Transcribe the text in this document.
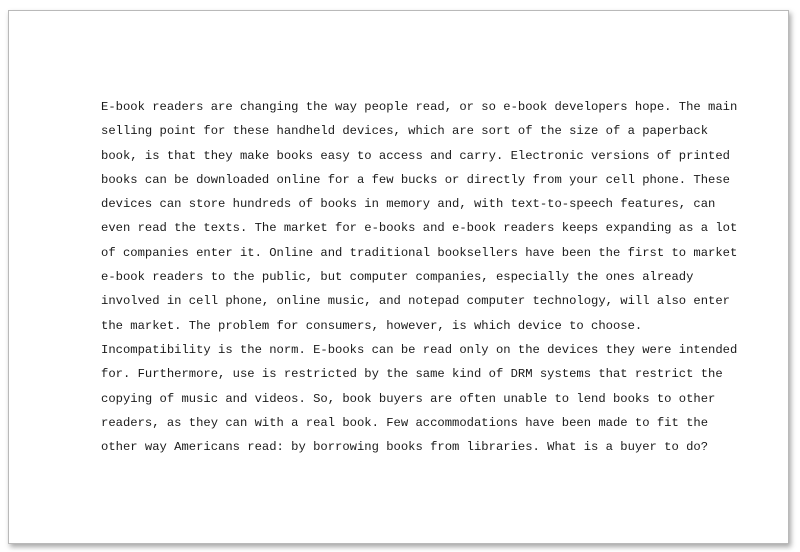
E-book readers are changing the way people read, or so e-book developers hope. The main
selling point for these handheld devices, which are sort of the size of a paperback
book, is that they make books easy to access and carry. Electronic versions of printed
books can be downloaded online for a few bucks or directly from your cell phone. These
devices can store hundreds of books in memory and, with text-to-speech features, can
even read the texts. The market for e-books and e-book readers keeps expanding as a lot
of companies enter it. Online and traditional booksellers have been the first to market
e-book readers to the public, but computer companies, especially the ones already
involved in cell phone, online music, and notepad computer technology, will also enter
the market. The problem for consumers, however, is which device to choose.
Incompatibility is the norm. E-books can be read only on the devices they were intended
for. Furthermore, use is restricted by the same kind of DRM systems that restrict the
copying of music and videos. So, book buyers are often unable to lend books to other
readers, as they can with a real book. Few accommodations have been made to fit the
other way Americans read: by borrowing books from libraries. What is a buyer to do?
